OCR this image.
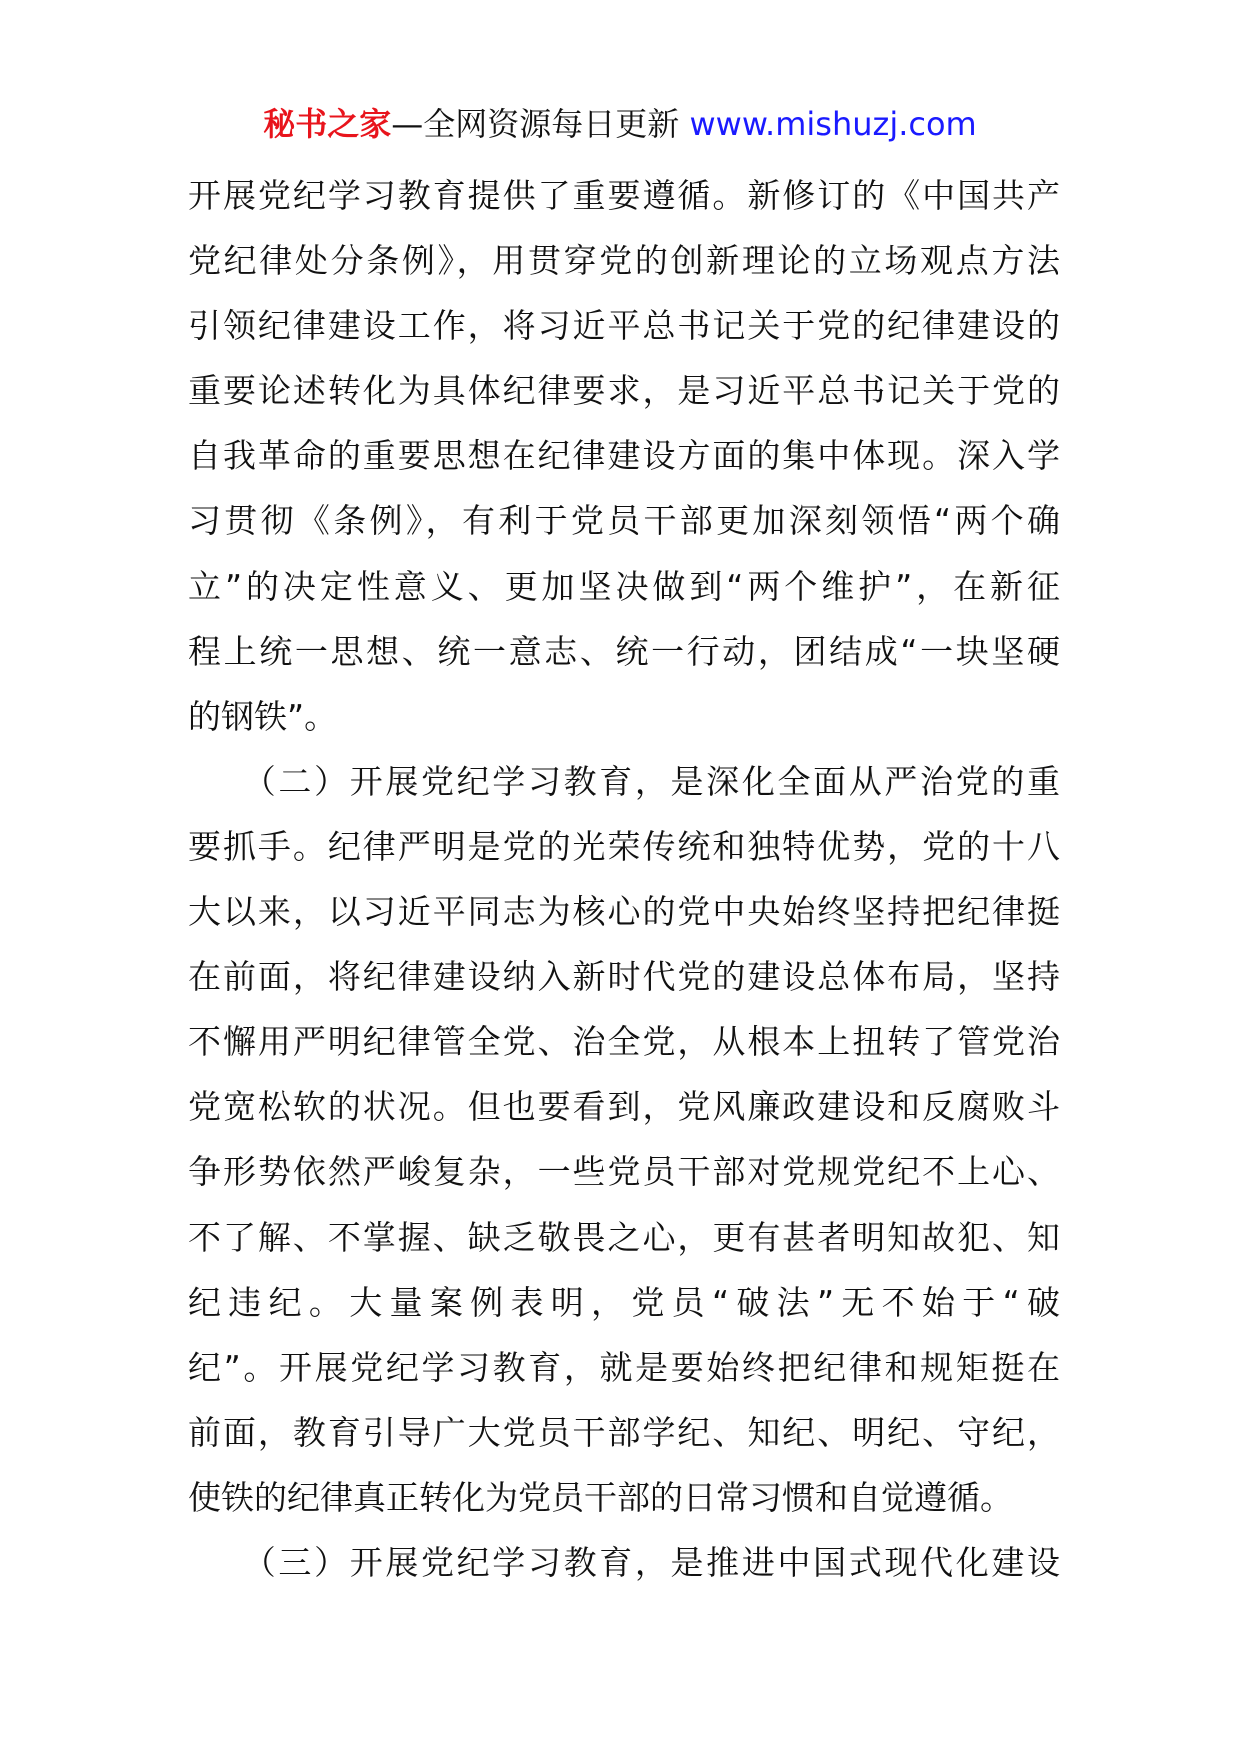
秘书之家—全网资源每日更新 www.mishuzj.com
开展党纪学习教育提供了重要遵循。新修订的《中国共产
党纪律处分条例》，用贯穿党的创新理论的立场观点方法
引领纪律建设工作，将习近平总书记关于党的纪律建设的
重要论述转化为具体纪律要求，是习近平总书记关于党的
自我革命的重要思想在纪律建设方面的集中体现。深入学
习贯彻《条例》，有利于党员干部更加深刻领悟“两个确
立”的决定性意义、更加坚决做到“两个维护”，在新征
程上统一思想、统一意志、统一行动，团结成“一块坚硬
的钢铁”。
　　（二）开展党纪学习教育，是深化全面从严治党的重
要抓手。纪律严明是党的光荣传统和独特优势，党的十八
大以来，以习近平同志为核心的党中央始终坚持把纪律挺
在前面，将纪律建设纳入新时代党的建设总体布局，坚持
不懈用严明纪律管全党、治全党，从根本上扭转了管党治
党宽松软的状况。但也要看到，党风廉政建设和反腐败斗
争形势依然严峻复杂，一些党员干部对党规党纪不上心、
不了解、不掌握、缺乏敬畏之心，更有甚者明知故犯、知
纪违纪。大量案例表明，党员“破法”无不始于“破
纪”。开展党纪学习教育，就是要始终把纪律和规矩挺在
前面，教育引导广大党员干部学纪、知纪、明纪、守纪，
使铁的纪律真正转化为党员干部的日常习惯和自觉遵循。
　　（三）开展党纪学习教育，是推进中国式现代化建设
